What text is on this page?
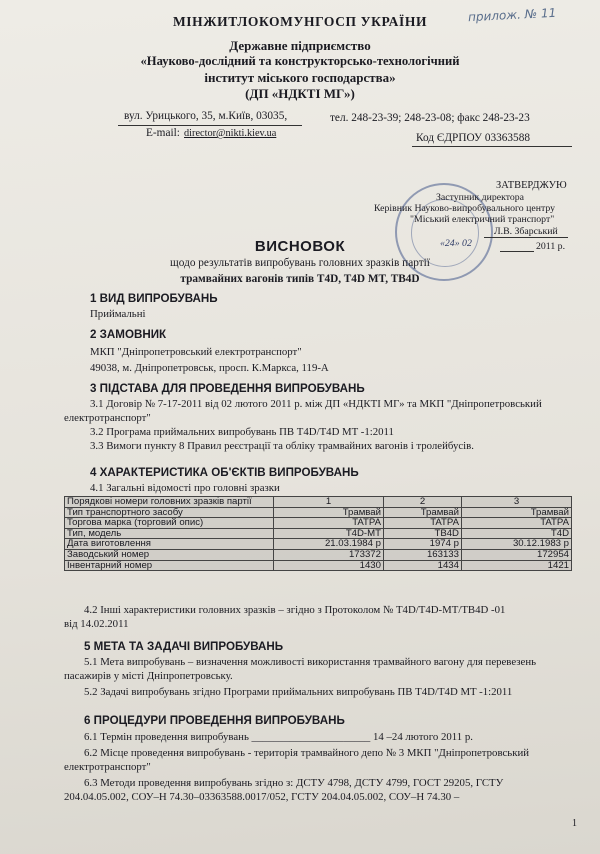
МІНЖИТЛОКОМУНГОСП УКРАЇНИ	прилож. № 11
Державне підприємство
«Науково-дослідний та конструкторсько-технологічний
інститут міського господарства»
(ДП «НДКТІ МГ»)
вул. Урицького, 35, м.Київ, 03035,	тел. 248-23-39; 248-23-08; факс 248-23-23
E-mail: director@nikti.kiev.ua	Код ЄДРПОУ 03363588
ЗАТВЕРДЖУЮ
Заступник директора
Керівник Науково-випробувального центру
"Міський електричний транспорт"
Л.В. Збарський
«24» 02	2011 р.
ВИСНОВОК
щодо результатів випробувань головних зразків партії
трамвайних вагонів типів T4D, T4D MT, TB4D
1 ВИД ВИПРОБУВАНЬ
Приймальні
2 ЗАМОВНИК
МКП "Дніпропетровський електротранспорт"
49038, м. Дніпропетровськ, просп. К.Маркса, 119-А
3 ПІДСТАВА ДЛЯ ПРОВЕДЕННЯ ВИПРОБУВАНЬ
3.1 Договір № 7-17-2011 від 02 лютого 2011 р. між ДП «НДКТІ МГ» та МКП "Дніпропетровський
електротранспорт"
3.2 Програма приймальних випробувань ПВ T4D/T4D MT -1:2011
3.3 Вимоги пункту 8 Правил реєстрації та обліку трамвайних вагонів і тролейбусів.
4 ХАРАКТЕРИСТИКА ОБ'ЄКТІВ ВИПРОБУВАНЬ
4.1 Загальні відомості про головні зразки
Порядкові номери головних зразків партії	1	2	3
Тип транспортного засобу	Трамвай	Трамвай	Трамвай
Торгова марка (торговий опис)	TATPA	TATPA	TATPA
Тип, модель	T4D-MT	TB4D	T4D
Дата виготовлення	21.03.1984 р	1974 р	30.12.1983 р
Заводський номер	173372	163133	172954
Інвентарний номер	1430	1434	1421
4.2 Інші характеристики головних зразків – згідно з Протоколом № T4D/T4D-MT/TB4D -01
від 14.02.2011
5 МЕТА ТА ЗАДАЧІ ВИПРОБУВАНЬ
5.1 Мета випробувань – визначення можливості використання трамвайного вагону для перевезень
пасажирів у місті Дніпропетровську.
5.2 Задачі випробувань згідно Програми приймальних випробувань ПВ T4D/T4D MT -1:2011
6 ПРОЦЕДУРИ ПРОВЕДЕННЯ ВИПРОБУВАНЬ
6.1 Термін проведення випробувань ______________________ 14 –24 лютого 2011 р.
6.2 Місце проведення випробувань - територія трамвайного депо № 3 МКП "Дніпропетровський
електротранспорт"
6.3 Методи проведення випробувань згідно з: ДСТУ 4798, ДСТУ 4799, ГОСТ 29205, ГСТУ
204.04.05.002, СОУ–Н 74.30–03363588.0017/052, ГСТУ 204.04.05.002, СОУ–Н 74.30 –
1
